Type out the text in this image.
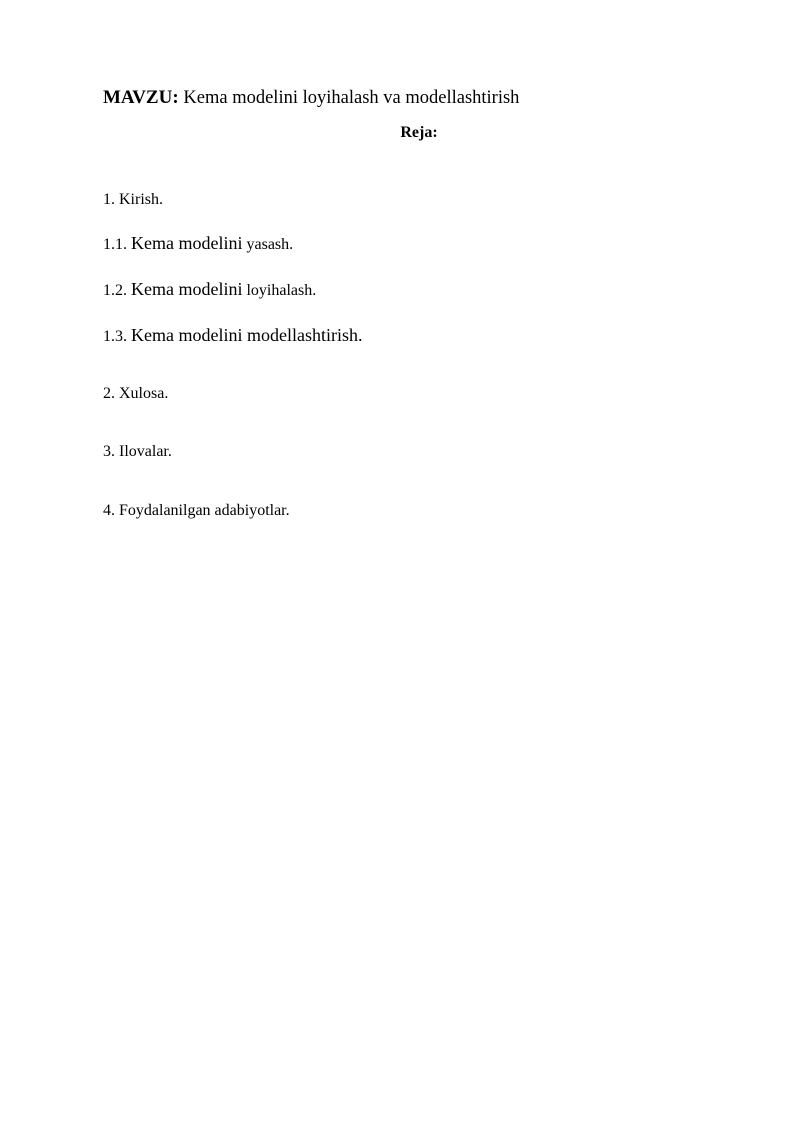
MAVZU: Kema modelini loyihalash va modellashtirish
Reja:
1. Kirish.
1.1. Kema modelini yasash.
1.2. Kema modelini loyihalash.
1.3. Kema modelini modellashtirish.
2. Xulosa.
3. Ilovalar.
4. Foydalanilgan adabiyotlar.
